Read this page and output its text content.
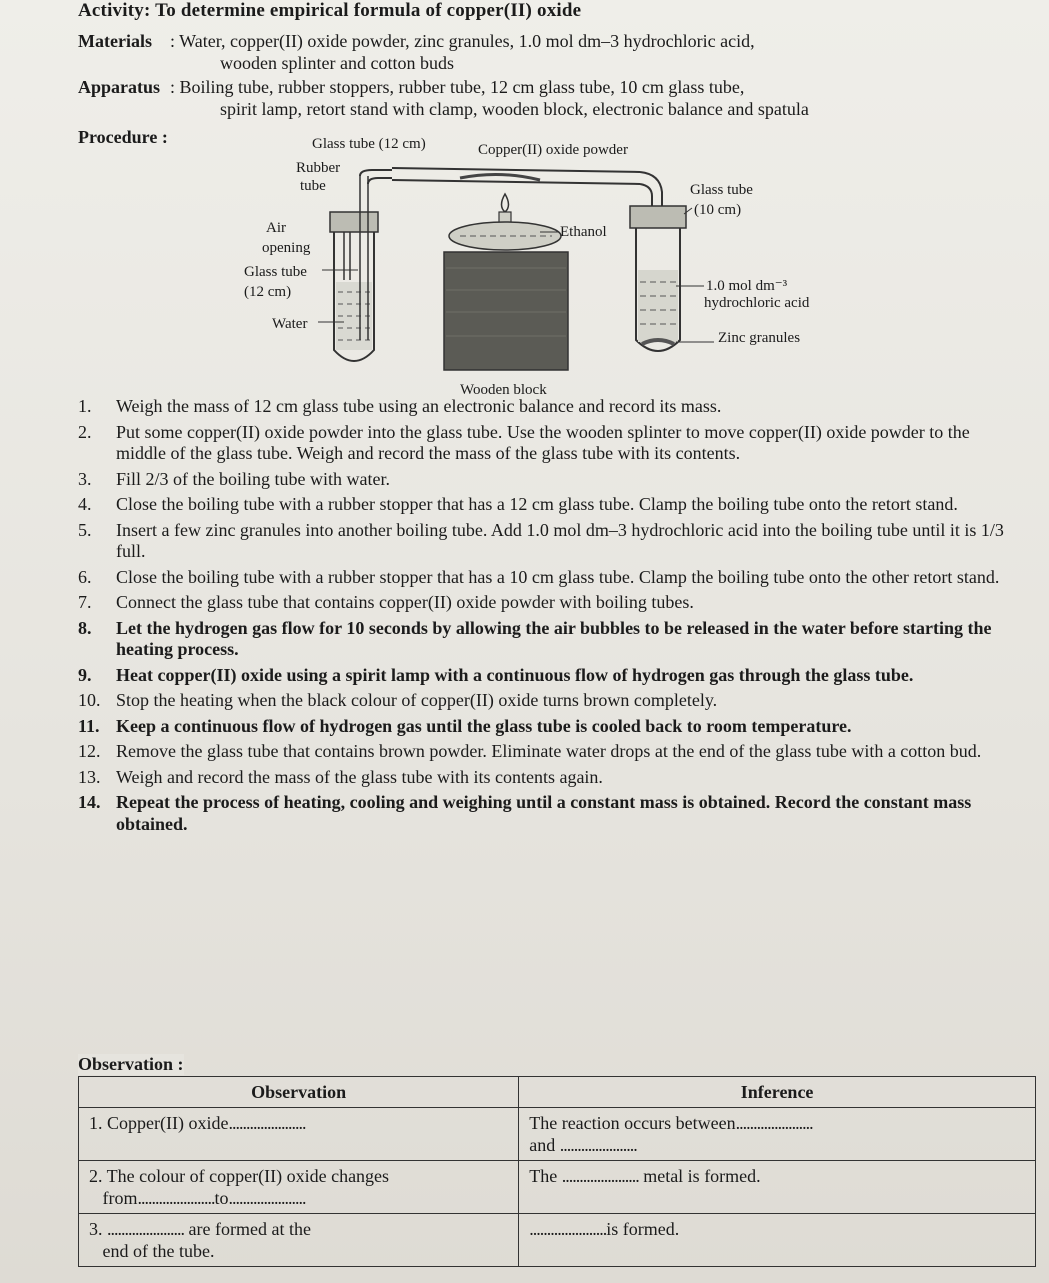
Activity: To determine empirical formula of copper(II) oxide
Materials : Water, copper(II) oxide powder, zinc granules, 1.0 mol dm–3 hydrochloric acid,
wooden splinter and cotton buds
Apparatus : Boiling tube, rubber stoppers, rubber tube, 12 cm glass tube, 10 cm glass tube,
spirit lamp, retort stand with clamp, wooden block, electronic balance and spatula
Procedure :	Glass tube (12 cm)	Copper(II) oxide powder
Rubber
tube	Glass tube
(10 cm)
Air
opening
Ethanol
Glass tube
(12 cm)	1.0 mol dm⁻³
hydrochloric acid
Water
Zinc granules
Wooden block
1. Weigh the mass of 12 cm glass tube using an electronic balance and record its mass.
2. Put some copper(II) oxide powder into the glass tube. Use the wooden splinter to move copper(II) oxide powder to the middle of the glass tube. Weigh and record the mass of the glass tube with its contents.
3. Fill 2/3 of the boiling tube with water.
4. Close the boiling tube with a rubber stopper that has a 12 cm glass tube. Clamp the boiling tube onto the retort stand.
5. Insert a few zinc granules into another boiling tube. Add 1.0 mol dm–3 hydrochloric acid into the boiling tube until it is 1/3 full.
6. Close the boiling tube with a rubber stopper that has a 10 cm glass tube. Clamp the boiling tube onto the other retort stand.
7. Connect the glass tube that contains copper(II) oxide powder with boiling tubes.
8. Let the hydrogen gas flow for 10 seconds by allowing the air bubbles to be released in the water before starting the heating process.
9. Heat copper(II) oxide using a spirit lamp with a continuous flow of hydrogen gas through the glass tube.
10. Stop the heating when the black colour of copper(II) oxide turns brown completely.
11. Keep a continuous flow of hydrogen gas until the glass tube is cooled back to room temperature.
12. Remove the glass tube that contains brown powder. Eliminate water drops at the end of the glass tube with a cotton bud.
13. Weigh and record the mass of the glass tube with its contents again.
14. Repeat the process of heating, cooling and weighing until a constant mass is obtained. Record the constant mass obtained.
Observation :
Observation	Inference
1. Copper(II) oxide......................	The reaction occurs between......................
and ......................
2. The colour of copper(II) oxide changes
from......................to......................	The ...................... metal is formed.
3. ...................... are formed at the
end of the tube.	......................is formed.
